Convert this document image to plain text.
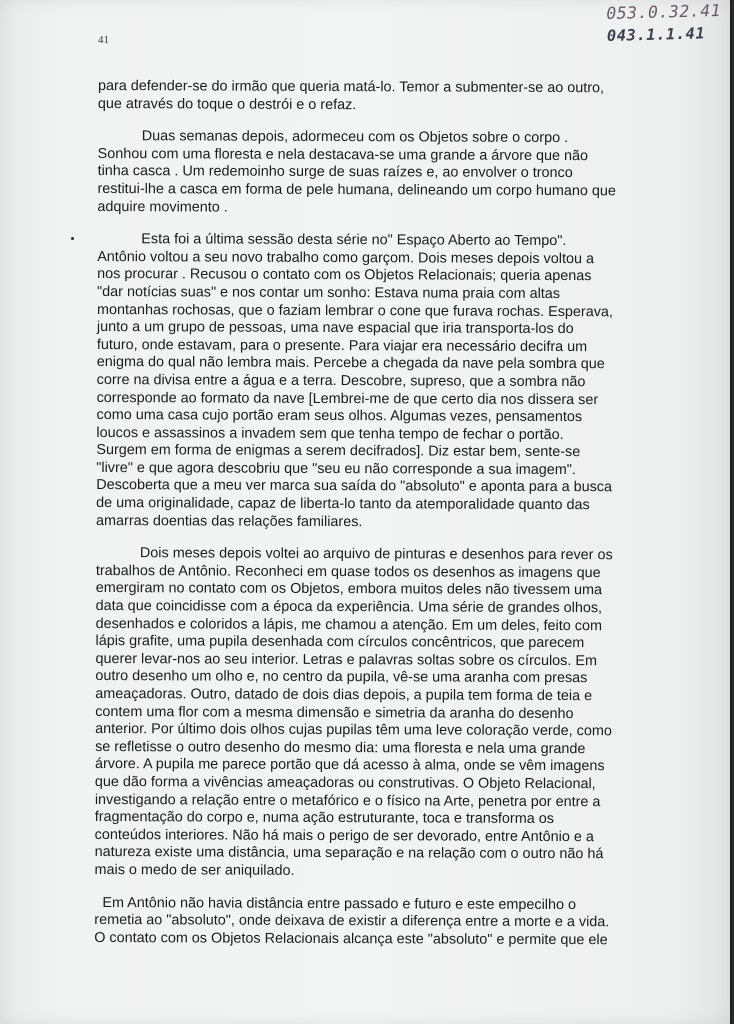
41
053.0.32.41
043.1.1.41
para defender-se do irmão que queria matá-lo. Temor a submenter-se ao outro,
que através do toque o destrói e o refaz.
Duas semanas depois, adormeceu com os Objetos sobre o corpo .
Sonhou com uma floresta e nela destacava-se uma grande a árvore que não
tinha casca . Um redemoinho surge de suas raízes e, ao envolver o tronco
restitui-lhe a casca em forma de pele humana, delineando um corpo humano que
adquire movimento .
Esta foi a última sessão desta série no" Espaço Aberto ao Tempo".
Antônio voltou a seu novo trabalho como garçom. Dois meses depois voltou a
nos procurar . Recusou o contato com os Objetos Relacionais; queria apenas
"dar notícias suas" e nos contar um sonho: Estava numa praia com altas
montanhas rochosas, que o faziam lembrar o cone que furava rochas. Esperava,
junto a um grupo de pessoas, uma nave espacial que iria transporta-los do
futuro, onde estavam, para o presente. Para viajar era necessário decifra um
enigma do qual não lembra mais. Percebe a chegada da nave pela sombra que
corre na divisa entre a água e a terra. Descobre, supreso, que a sombra não
corresponde ao formato da nave [Lembrei-me de que certo dia nos dissera ser
como uma casa cujo portão eram seus olhos. Algumas vezes, pensamentos
loucos e assassinos a invadem sem que tenha tempo de fechar o portão.
Surgem em forma de enigmas a serem decifrados]. Diz estar bem, sente-se
"livre" e que agora descobriu que "seu eu não corresponde a sua imagem".
Descoberta que a meu ver marca sua saída do "absoluto" e aponta para a busca
de uma originalidade, capaz de liberta-lo tanto da atemporalidade quanto das
amarras doentias das relações familiares.
Dois meses depois voltei ao arquivo de pinturas e desenhos para rever os
trabalhos de Antônio. Reconheci em quase todos os desenhos as imagens que
emergiram no contato com os Objetos, embora muitos deles não tivessem uma
data que coincidisse com a época da experiência. Uma série de grandes olhos,
desenhados e coloridos a lápis, me chamou a atenção. Em um deles, feito com
lápis grafite, uma pupila desenhada com círculos concêntricos, que parecem
querer levar-nos ao seu interior. Letras e palavras soltas sobre os círculos. Em
outro desenho um olho e, no centro da pupila, vê-se uma aranha com presas
ameaçadoras. Outro, datado de dois dias depois, a pupila tem forma de teia e
contem uma flor com a mesma dimensão e simetria da aranha do desenho
anterior. Por último dois olhos cujas pupilas têm uma leve coloração verde, como
se refletisse o outro desenho do mesmo dia: uma floresta e nela uma grande
árvore. A pupila me parece portão que dá acesso à alma, onde se vêm imagens
que dão forma a vivências ameaçadoras ou construtivas. O Objeto Relacional,
investigando a relação entre o metafórico e o físico na Arte, penetra por entre a
fragmentação do corpo e, numa ação estruturante, toca e transforma os
conteúdos interiores. Não há mais o perigo de ser devorado, entre Antônio e a
natureza existe uma distância, uma separação e na relação com o outro não há
mais o medo de ser aniquilado.
Em Antônio não havia distância entre passado e futuro e este empecilho o
remetia ao "absoluto", onde deixava de existir a diferença entre a morte e a vida.
O contato com os Objetos Relacionais alcança este "absoluto" e permite que ele
